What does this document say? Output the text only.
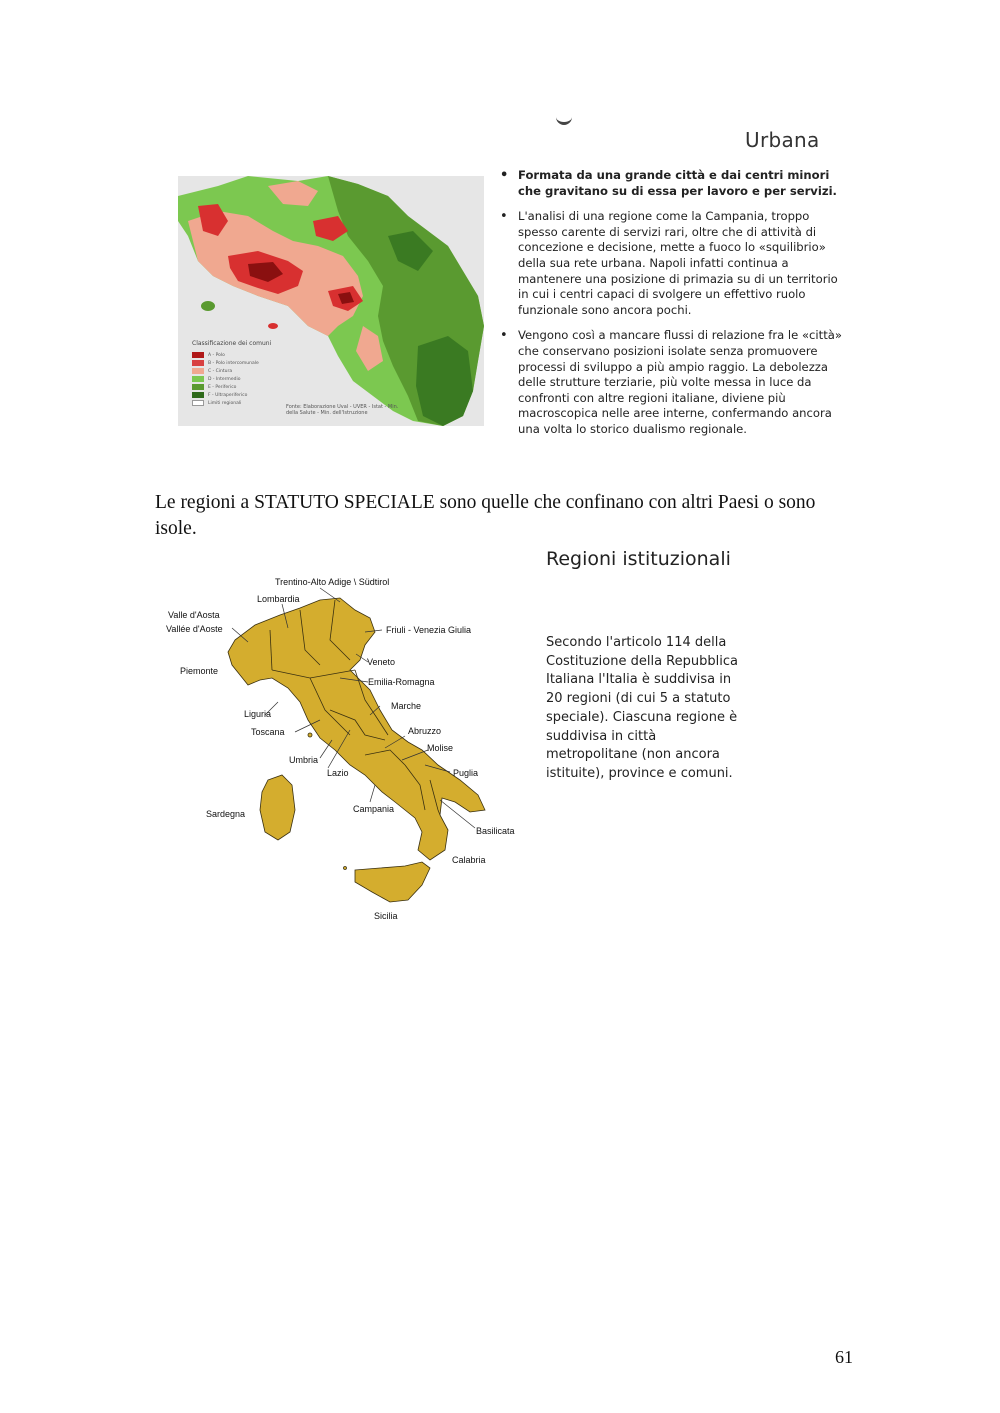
Urbana
Classificazione dei comuni
A - Polo
B - Polo intercomunale
C - Cintura
D - Intermedio
E - Periferico
F - Ultraperiferico
Limiti regionali
Fonte: Elaborazione Uval - UVER - Istat - Min. della Salute - Min. dell'Istruzione
• Formata da una grande città e dai centri minori che gravitano su di essa per lavoro e per servizi.
• L'analisi di una regione come la Campania, troppo spesso carente di servizi rari, oltre che di attività di concezione e decisione, mette a fuoco lo «squilibrio» della sua rete urbana. Napoli infatti continua a mantenere una posizione di primazia su di un territorio in cui i centri capaci di svolgere un effettivo ruolo funzionale sono ancora pochi.
• Vengono così a mancare flussi di relazione fra le «città» che conservano posizioni isolate senza promuovere processi di sviluppo a più ampio raggio. La debolezza delle strutture terziarie, più volte messa in luce da confronti con altre regioni italiane, diviene più macroscopica nelle aree interne, confermando ancora una volta lo storico dualismo regionale.
Le regioni a STATUTO SPECIALE sono quelle che confinano con altri Paesi o sono isole.
Trentino-Alto Adige \ Südtirol
Lombardia
Valle d'Aosta
Vallée d'Aoste	Friuli - Venezia Giulia
Piemonte
Veneto
Emilia-Romagna
Liguria
Marche
Toscana	Abruzzo
Molise
Umbria
Lazio	Puglia
Sardegna	Campania
Basilicata
Calabria
Sicilia
Regioni istituzionali
Secondo l'articolo 114 della Costituzione della Repubblica Italiana l'Italia è suddivisa in 20 regioni (di cui 5 a statuto speciale). Ciascuna regione è suddivisa in città metropolitane (non ancora istituite), province e comuni.
61
